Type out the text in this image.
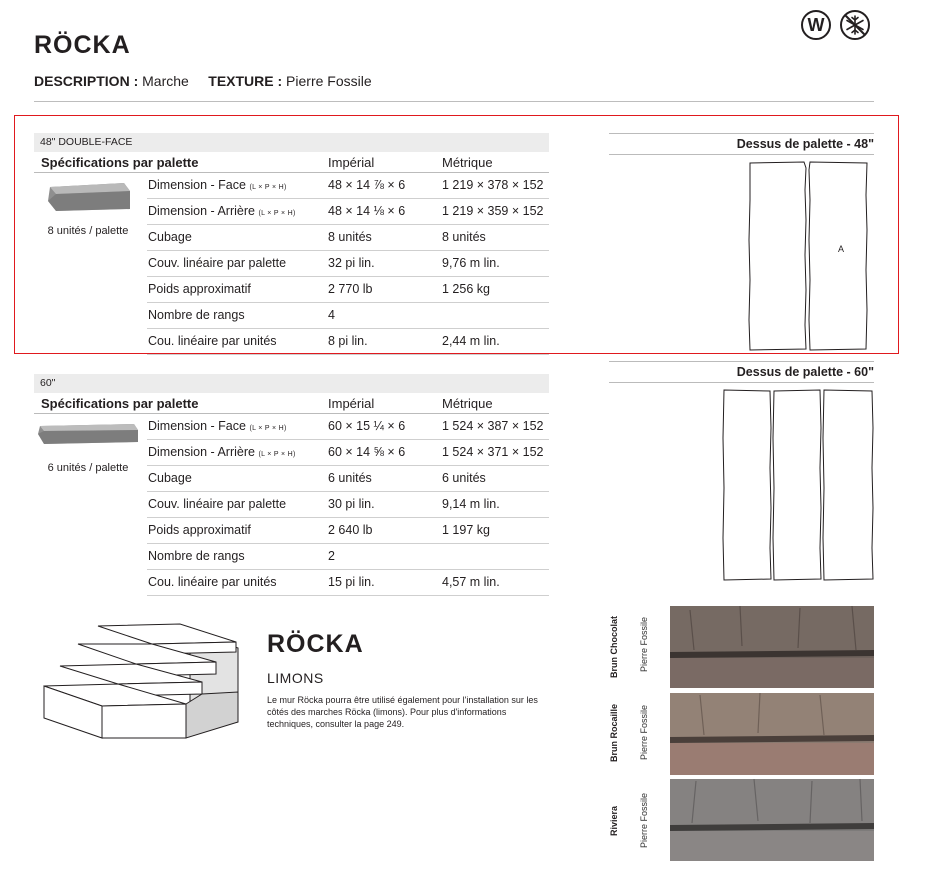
RÖCKA
DESCRIPTION : Marche TEXTURE : Pierre Fossile
W
48" DOUBLE-FACE
Spécifications par palette	Impérial	Métrique
8 unités / palette
Dimension - Face (L × P × H)	48 × 14 ⅞ × 6	1 219 × 378 × 152
Dimension - Arrière (L × P × H)	48 × 14 ⅛ × 6	1 219 × 359 × 152
Cubage	8 unités	8 unités
Couv. linéaire par palette	32 pi lin.	9,76 m lin.
Poids approximatif	2 770 lb	1 256 kg
Nombre de rangs	4
Cou. linéaire par unités	8 pi lin.	2,44 m lin.
60"
Spécifications par palette	Impérial	Métrique
6 unités / palette
Dimension - Face (L × P × H)	60 × 15 ¼ × 6	1 524 × 387 × 152
Dimension - Arrière (L × P × H)	60 × 14 ⅝ × 6	1 524 × 371 × 152
Cubage	6 unités	6 unités
Couv. linéaire par palette	30 pi lin.	9,14 m lin.
Poids approximatif	2 640 lb	1 197 kg
Nombre de rangs	2
Cou. linéaire par unités	15 pi lin.	4,57 m lin.
Dessus de palette - 48"
A
Dessus de palette - 60"
RÖCKA
LIMONS
Le mur Röcka pourra être utilisé également pour l'installation sur les côtés des marches Röcka (limons). Pour plus d'informations techniques, consulter la page 249.
Brun Chocolat Pierre Fossile
Brun Rocaille Pierre Fossile
Riviera Pierre Fossile
